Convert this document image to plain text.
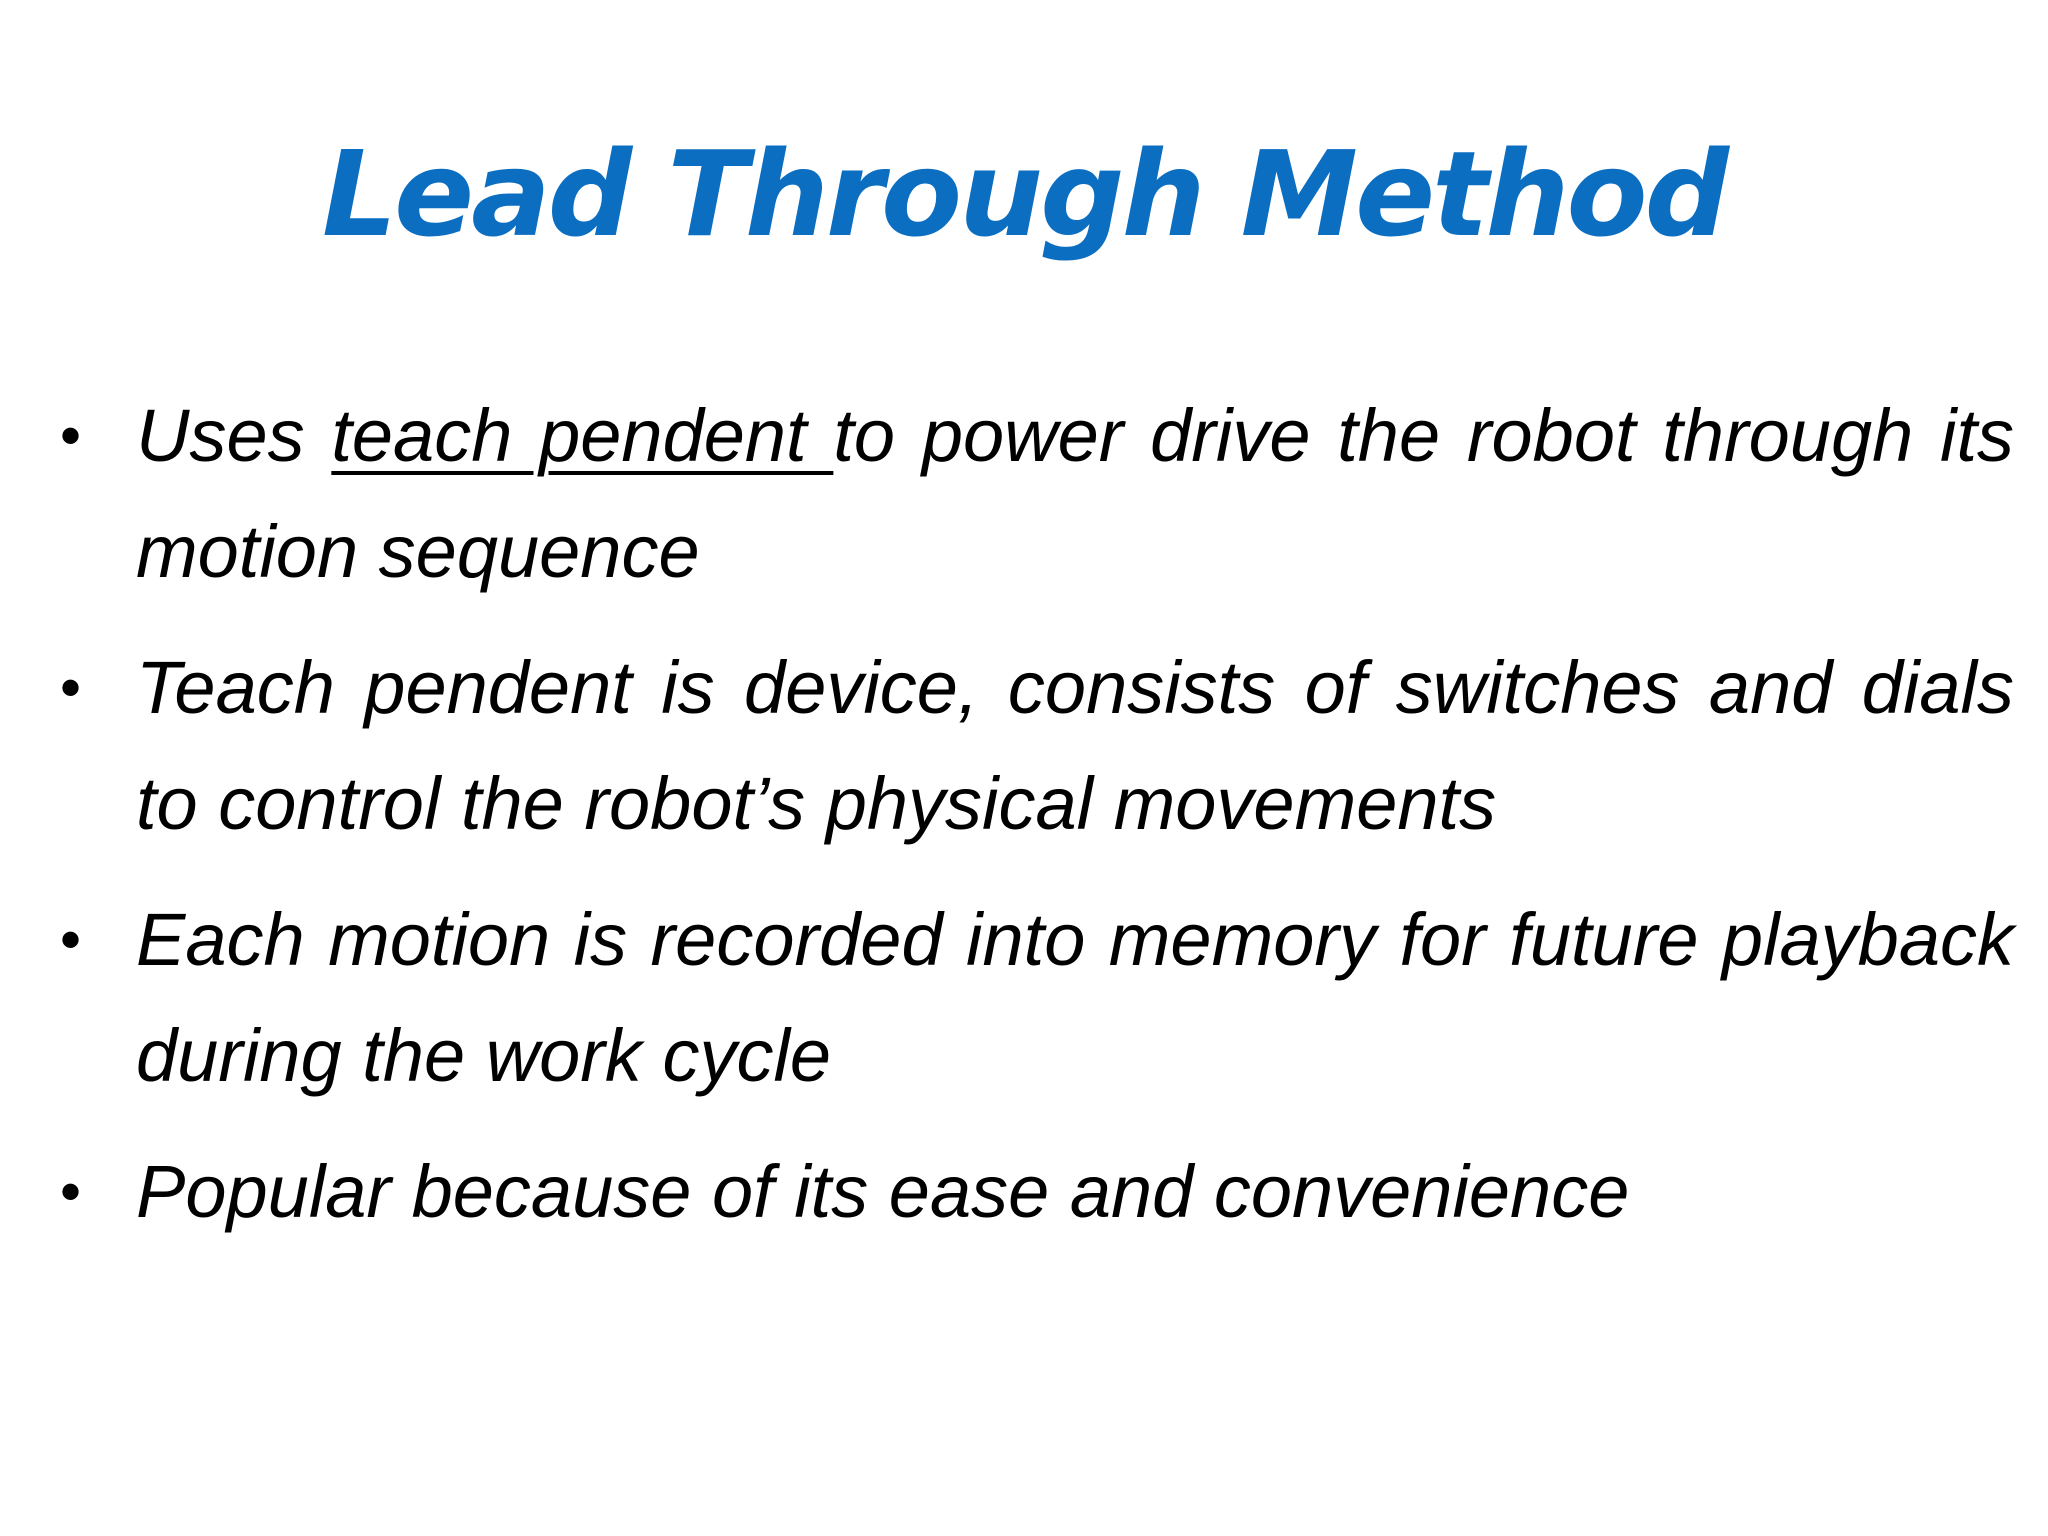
Lead Through Method
• Uses teach pendent to power drive the robot through its motion sequence
• Teach pendent is device, consists of switches and dials to control the robot’s physical movements
• Each motion is recorded into memory for future playback during the work cycle
• Popular because of its ease and convenience
